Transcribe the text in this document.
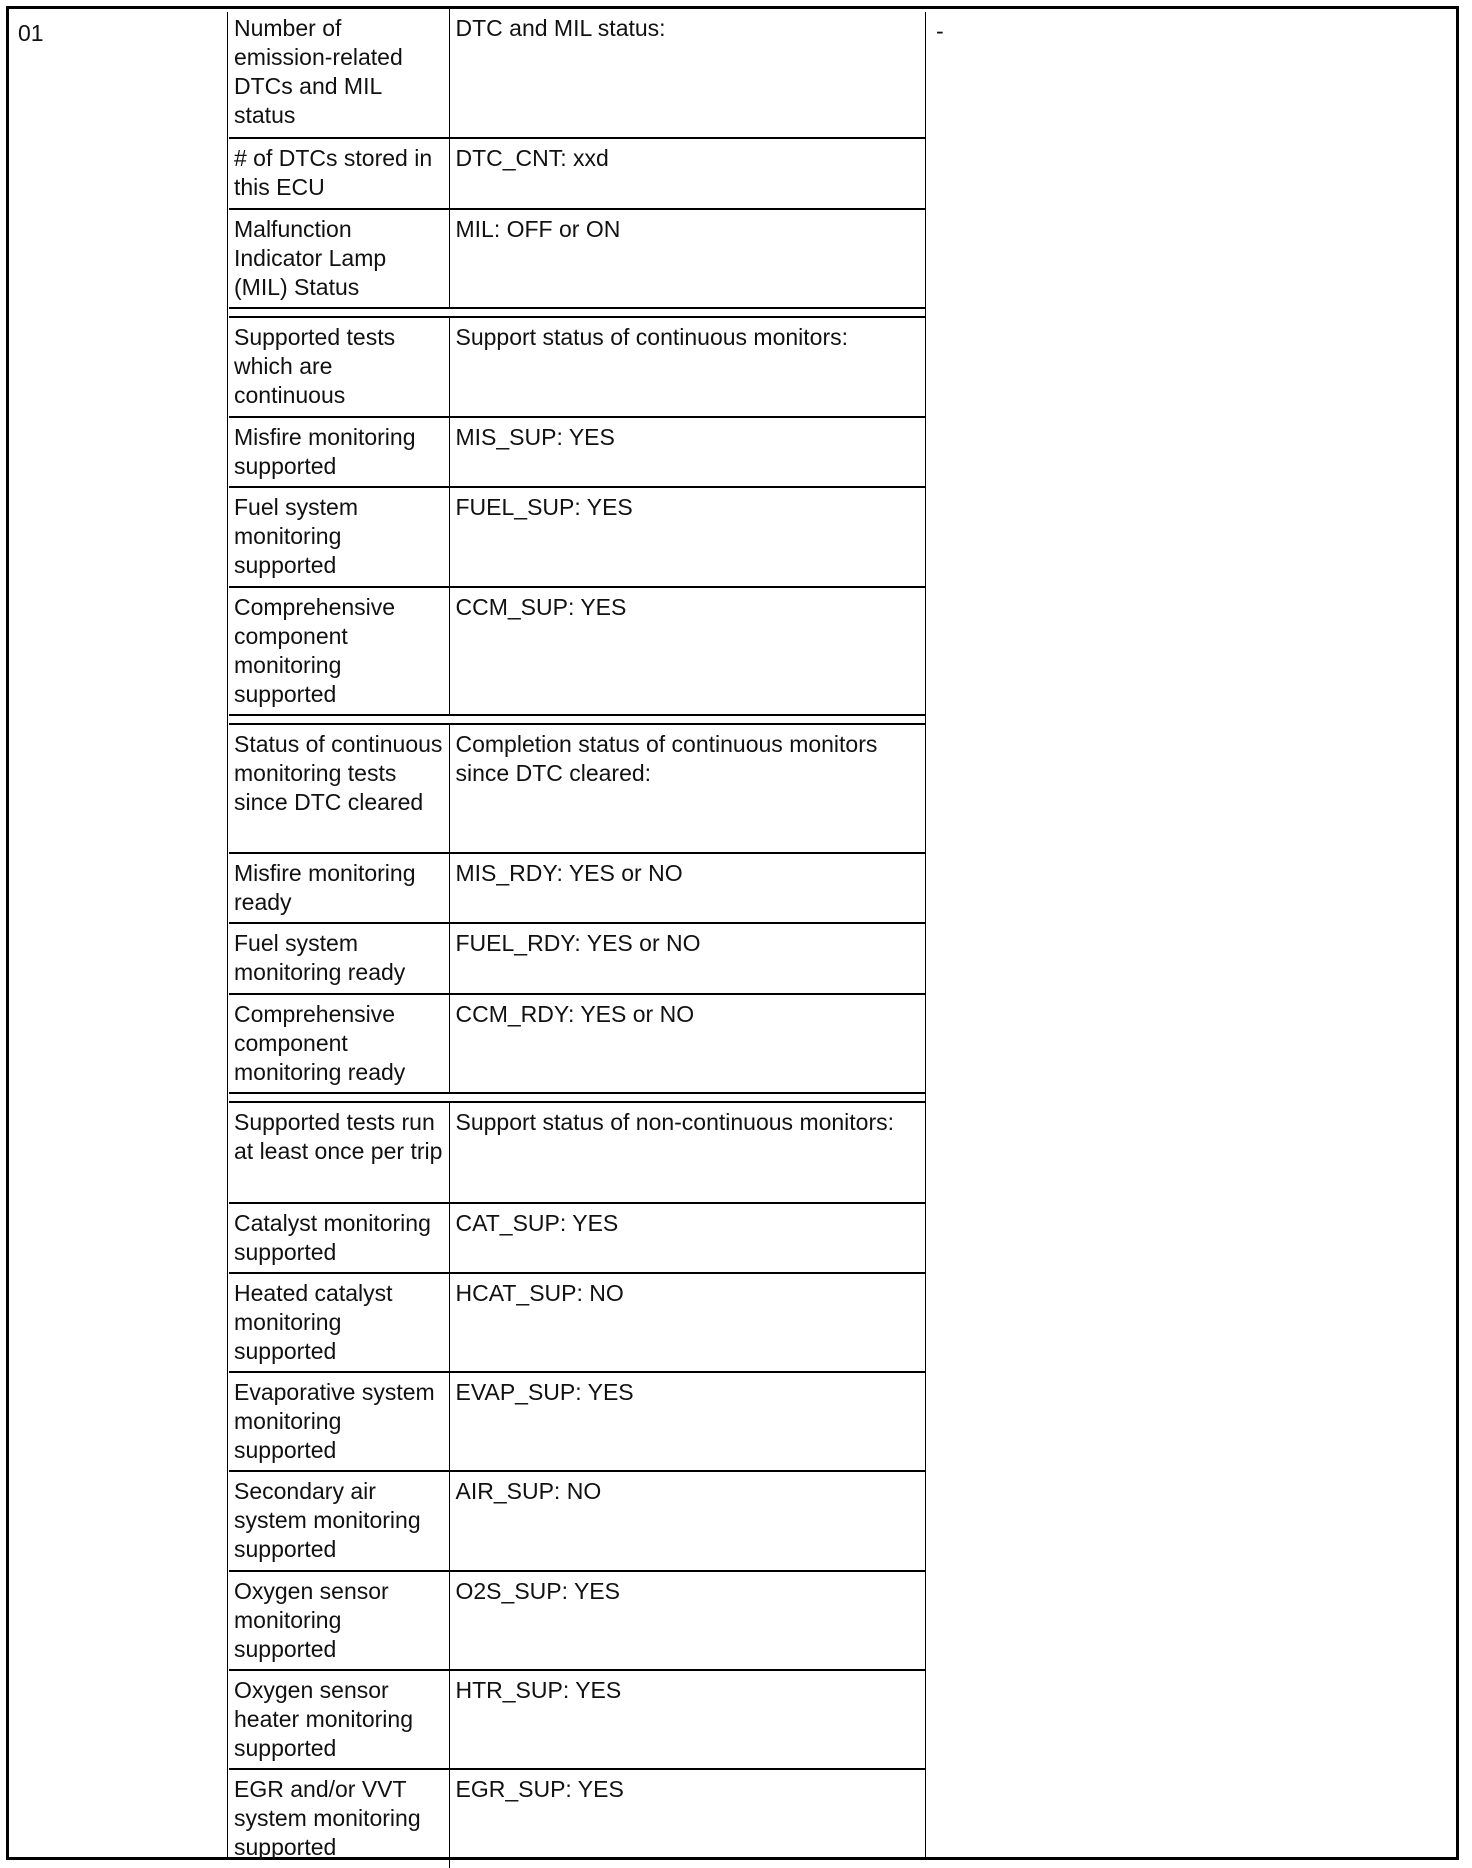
01	Number of emission-related DTCs and MIL status	DTC and MIL status:
# of DTCs stored in this ECU	DTC_CNT: xxd
Malfunction Indicator Lamp (MIL) Status	MIL: OFF or ON

Supported tests which are continuous	Support status of continuous monitors:
Misfire monitoring supported	MIS_SUP: YES
Fuel system monitoring supported	FUEL_SUP: YES
Comprehensive component monitoring supported	CCM_SUP: YES

Status of continuous monitoring tests since DTC cleared	Completion status of continuous monitors since DTC cleared:
Misfire monitoring ready	MIS_RDY: YES or NO
Fuel system monitoring ready	FUEL_RDY: YES or NO
Comprehensive component monitoring ready	CCM_RDY: YES or NO

Supported tests run at least once per trip	Support status of non-continuous monitors:
Catalyst monitoring supported	CAT_SUP: YES
Heated catalyst monitoring supported	HCAT_SUP: NO
Evaporative system monitoring supported	EVAP_SUP: YES
Secondary air system monitoring supported	AIR_SUP: NO
Oxygen sensor monitoring supported	O2S_SUP: YES
Oxygen sensor heater monitoring supported	HTR_SUP: YES
EGR and/or VVT system monitoring supported	EGR_SUP: YES
-
